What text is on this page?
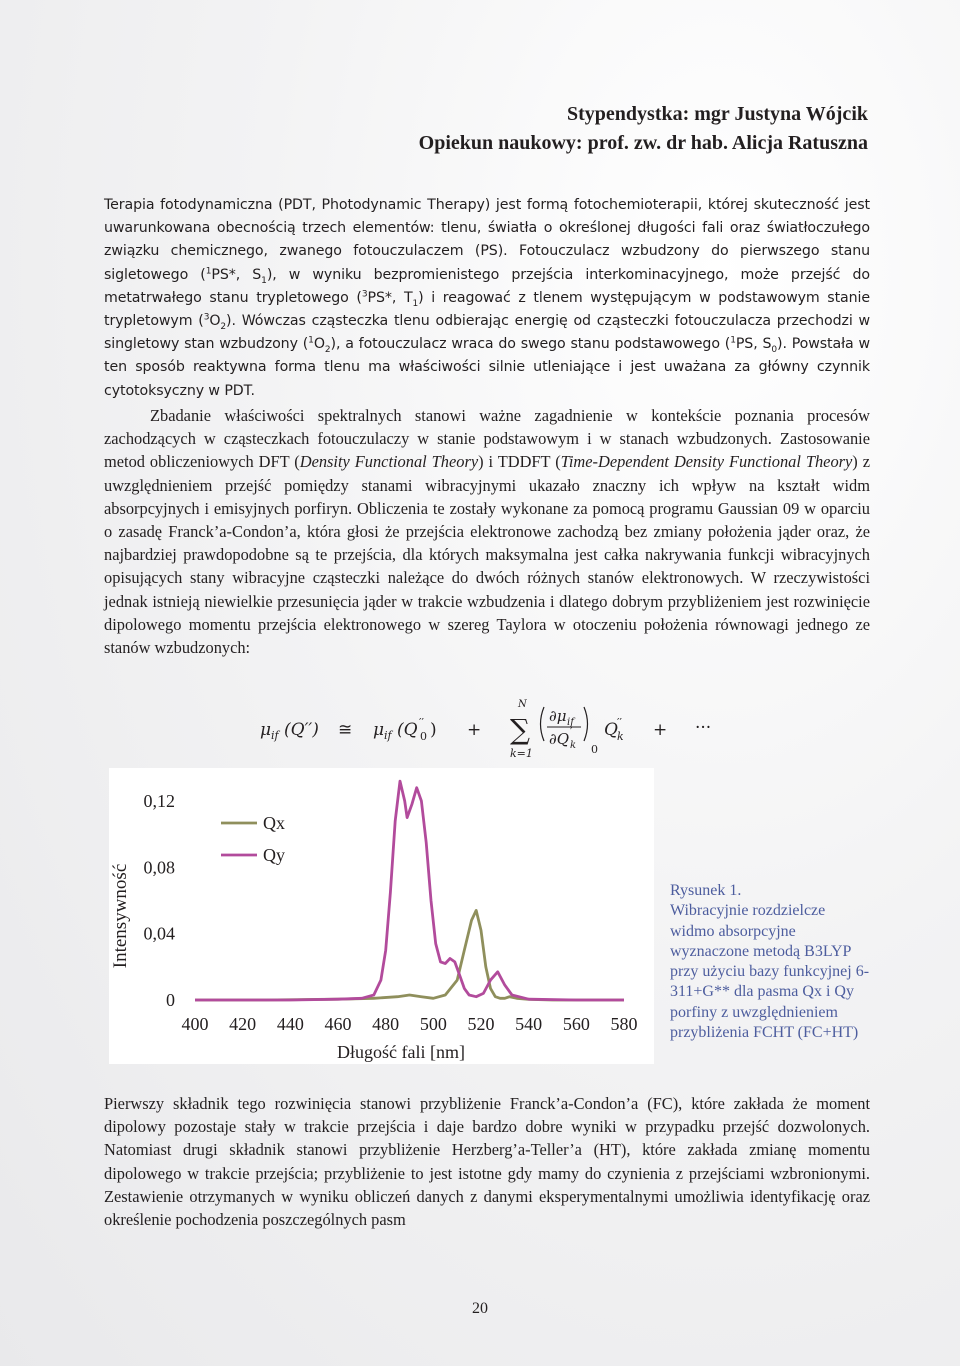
Stypendystka: mgr Justyna Wójcik
Opiekun naukowy: prof. zw. dr hab. Alicja Ratuszna

Terapia fotodynamiczna (PDT, Photodynamic Therapy) jest formą fotochemioterapii, której skuteczność jest uwarunkowana obecnością trzech elementów: tlenu, światła o określonej długości fali oraz światłoczułego związku chemicznego, zwanego fotouczulaczem (PS). Fotouczulacz wzbudzony do pierwszego stanu sigletowego ($^1$PS*, $S_1$), w wyniku bezpromienistego przejścia interkominacyjnego, może przejść do metatrwałego stanu trypletowego ($^3$PS*, $T_1$) i reagować z tlenem występującym w podstawowym stanie trypletowym $(^3O_2)$. Wówczas cząsteczka tlenu odbierając energię od cząsteczki fotouczulacza przechodzi w singletowy stan wzbudzony $(^1O_2)$, a fotouczulacz wraca do swego stanu podstawowego ($^1$PS, $S_0$). Powstała w ten sposób reaktywna forma tlenu ma właściwości silnie utleniające i jest uważana za główny czynnik cytotoksyczny w PDT.

Zbadanie właściwości spektralnych stanowi ważne zagadnienie w kontekście poznania procesów zachodzących w cząsteczkach fotouczulaczy w stanie podstawowym i w stanach wzbudzonych. Zastosowanie metod obliczeniowych DFT (Density Functional Theory) i TDDFT (Time-Dependent Density Functional Theory) z uwzględnieniem przejść pomiędzy stanami wibracyjnymi ukazało znaczny ich wpływ na kształt widm absorpcyjnych i emisyjnych porfiryn. Obliczenia te zostały wykonane za pomocą programu Gaussian 09 w oparciu o zasadę Franck’a-Condon’a, która głosi że przejścia elektronowe zachodzą bez zmiany położenia jąder oraz, że najbardziej prawdopodobne są te przejścia, dla których maksymalna jest całka nakrywania funkcji wibracyjnych opisujących stany wibracyjne cząsteczki należące do dwóch różnych stanów elektronowych. W rzeczywistości jednak istnieją niewielkie przesunięcia jąder w trakcie wzbudzenia i dlatego dobrym przybliżeniem jest rozwinięcie dipolowego momentu przejścia elektronowego w szereg Taylora w otoczeniu położenia równowagi jednego ze stanów wzbudzonych:

μ if (Q′′) ≅ μ if (Q 0
′′ ) +
N
∑
k=1
∂μ if
∂Q k
′
0
Q k
′′ + ···
0
0,04
0,08
0,12
400 420 440 460 480 500 520 540 560 580
Qx
Qy
Intensywność
Długość fali [nm]
Rysunek 1.
Wibracyjnie rozdzielcze widmo absorpcyjne wyznaczone metodą B3LYP przy użyciu bazy funkcyjnej 6-311+G** dla pasma Qx i Qy porfiny z uwzględnieniem przybliżenia FCHT (FC+HT)

Pierwszy składnik tego rozwinięcia stanowi przybliżenie Franck’a-Condon’a (FC), które zakłada że moment dipolowy pozostaje stały w trakcie przejścia i daje bardzo dobre wyniki w przypadku przejść dozwolonych. Natomiast drugi składnik stanowi przybliżenie Herzberg’a-Teller’a (HT), które zakłada zmianę momentu dipolowego w trakcie przejścia; przybliżenie to jest istotne gdy mamy do czynienia z przejściami wzbronionymi. Zestawienie otrzymanych w wyniku obliczeń danych z danymi eksperymentalnymi umożliwia identyfikację oraz określenie pochodzenia poszczególnych pasm

20
